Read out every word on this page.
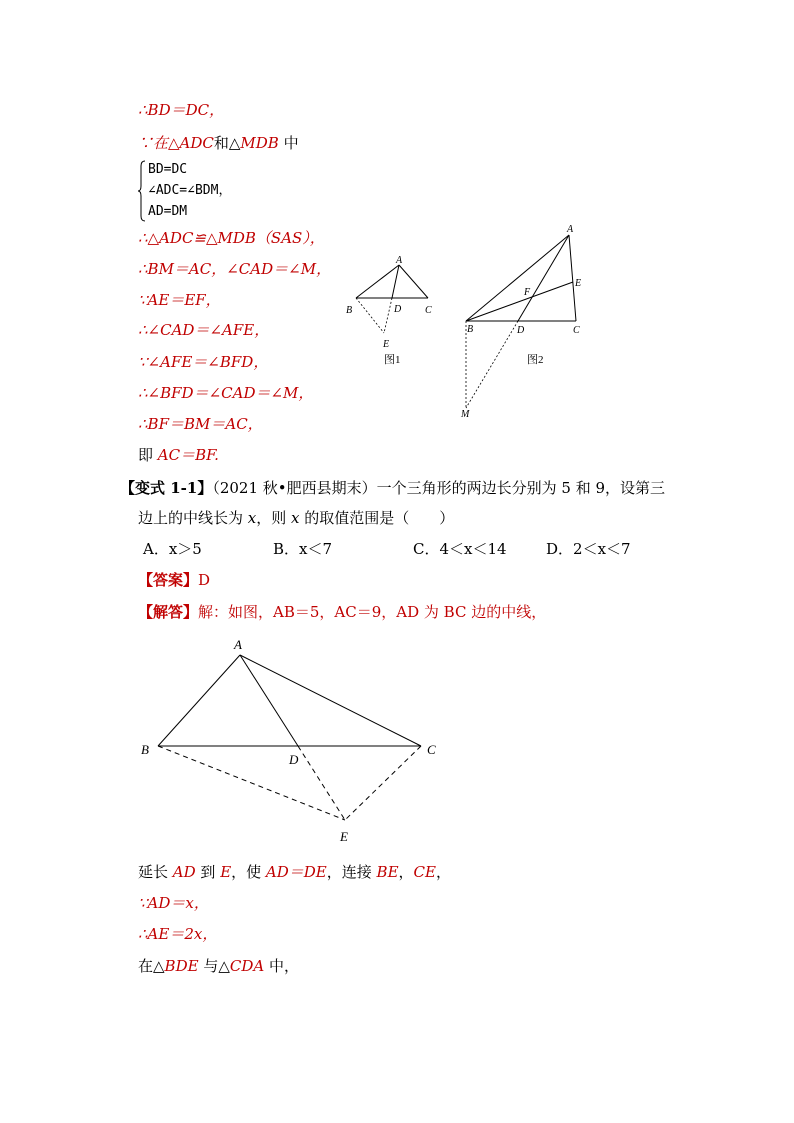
∴BD＝DC，
∵在△ADC和△MDB 中
BD=DC
∠ADC=∠BDM，
AD=DM
∴△ADC≌△MDB（SAS），
∴BM＝AC，∠CAD＝∠M，
∵AE＝EF，
∴∠CAD＝∠AFE，
∵∠AFE＝∠BFD，
∴∠BFD＝∠CAD＝∠M，
∴BF＝BM＝AC，
即 AC＝BF.
A
B	C
D
E
图1
A
B	C
D
E
F
M
图2
【变式 1-1】（2021 秋•肥西县期末）一个三角形的两边长分别为 5 和 9，设第三
边上的中线长为 x，则 x 的取值范围是（　　）
A．x＞5	B．x＜7	C．4＜x＜14	D．2＜x＜7
【答案】D
【解答】解：如图，AB＝5，AC＝9，AD 为 BC 边的中线，
A
B	C
D
E
延长 AD 到 E，使 AD＝DE，连接 BE，CE，
∵AD＝x，
∴AE＝2x，
在△BDE 与△CDA 中，
